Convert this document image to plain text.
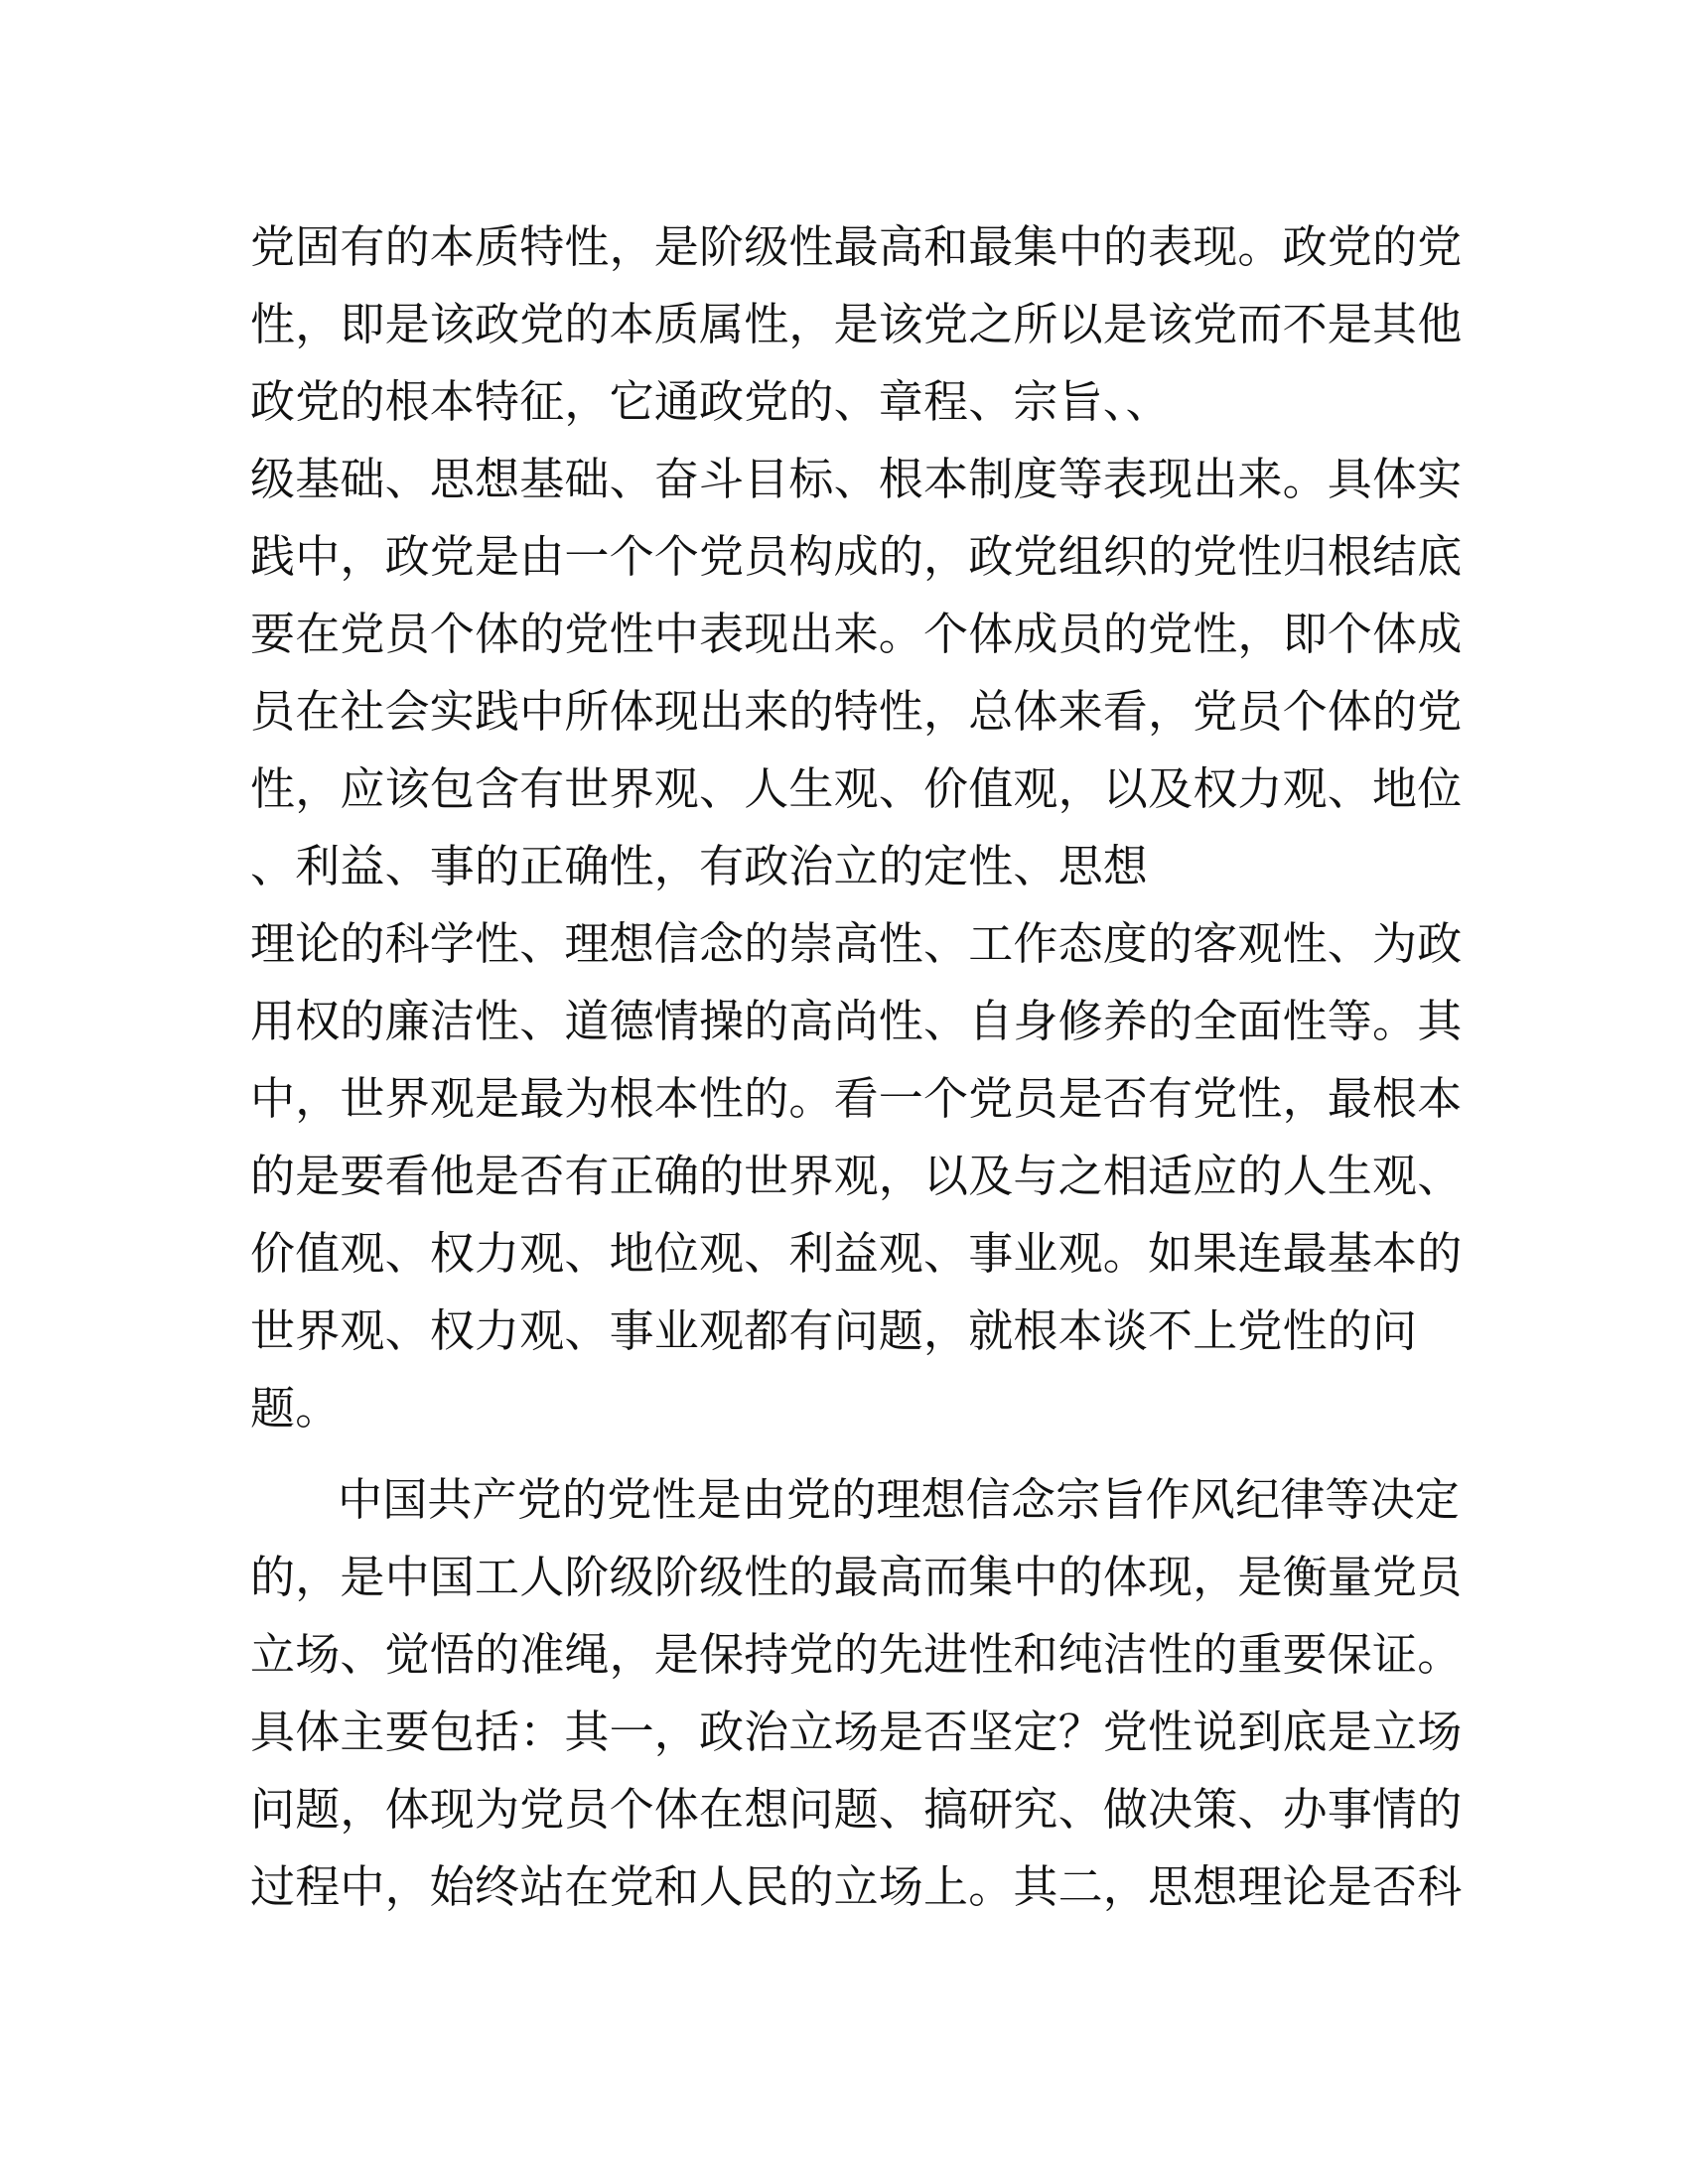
党固有的本质特性，是阶级性最高和最集中的表现。政党的党
性，即是该政党的本质属性，是该党之所以是该党而不是其他
政党的根本特征，它通政党的、章程、宗旨、、
级基础、思想基础、奋斗目标、根本制度等表现出来。具体实
践中，政党是由一个个党员构成的，政党组织的党性归根结底
要在党员个体的党性中表现出来。个体成员的党性，即个体成
员在社会实践中所体现出来的特性，总体来看，党员个体的党
性，应该包含有世界观、人生观、价值观，以及权力观、地位
、利益、事的正确性，有政治立的定性、思想
理论的科学性、理想信念的崇高性、工作态度的客观性、为政
用权的廉洁性、道德情操的高尚性、自身修养的全面性等。其
中，世界观是最为根本性的。看一个党员是否有党性，最根本
的是要看他是否有正确的世界观，以及与之相适应的人生观、
价值观、权力观、地位观、利益观、事业观。如果连最基本的
世界观、权力观、事业观都有问题，就根本谈不上党性的问
题。
中国共产党的党性是由党的理想信念宗旨作风纪律等决定
的，是中国工人阶级阶级性的最高而集中的体现，是衡量党员
立场、觉悟的准绳，是保持党的先进性和纯洁性的重要保证。
具体主要包括：其一，政治立场是否坚定？党性说到底是立场
问题，体现为党员个体在想问题、搞研究、做决策、办事情的
过程中，始终站在党和人民的立场上。其二，思想理论是否科
